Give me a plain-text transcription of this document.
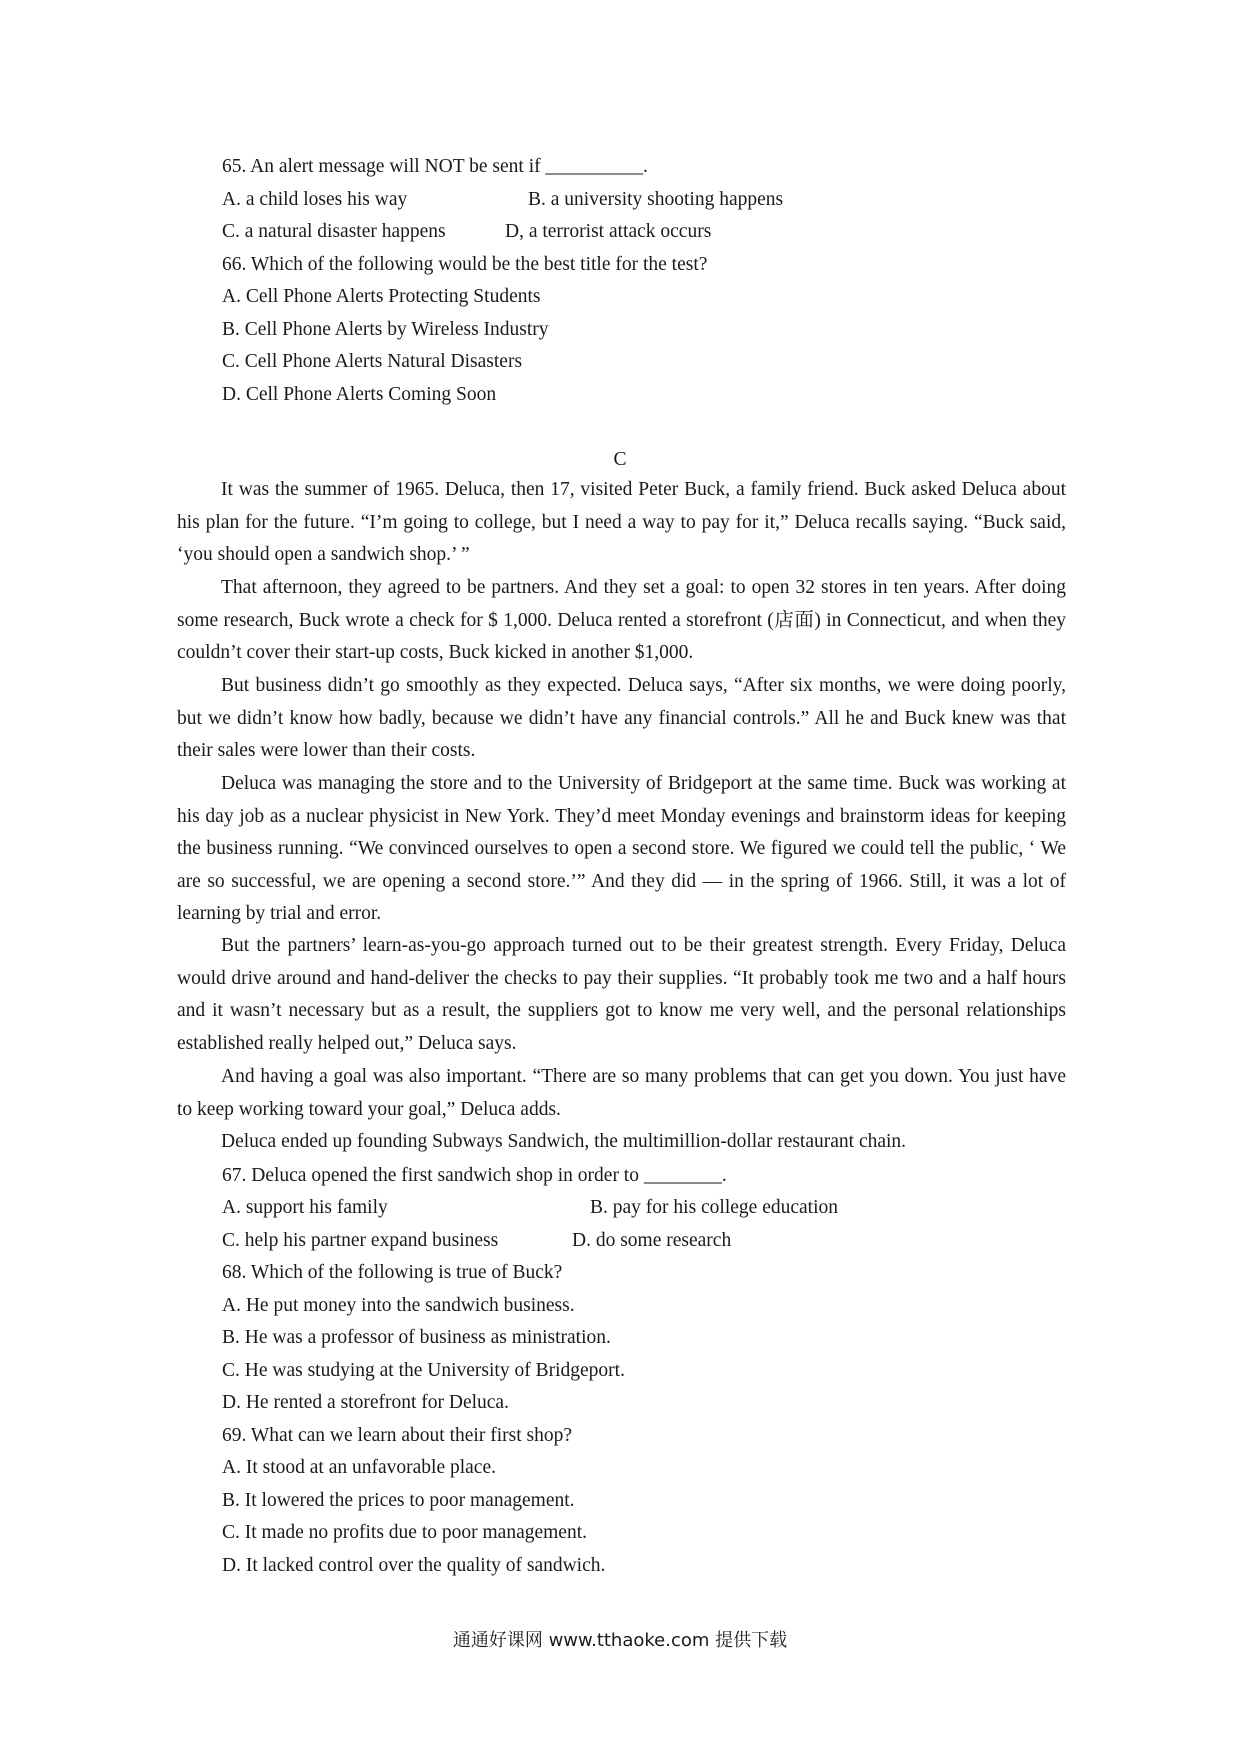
65. An alert message will NOT be sent if __________.
A. a child loses his way	B. a university shooting happens
C. a natural disaster happens	D, a terrorist attack occurs
66. Which of the following would be the best title for the test?
A. Cell Phone Alerts Protecting Students
B. Cell Phone Alerts by Wireless Industry
C. Cell Phone Alerts Natural Disasters
D. Cell Phone Alerts Coming Soon
C

It was the summer of 1965. Deluca, then 17, visited Peter Buck, a family friend. Buck asked Deluca about his plan for the future. “I’m going to college, but I need a way to pay for it,” Deluca recalls saying. “Buck said, ‘you should open a sandwich shop.’ ”

That afternoon, they agreed to be partners. And they set a goal: to open 32 stores in ten years. After doing some research, Buck wrote a check for $ 1,000. Deluca rented a storefront (店面) in Connecticut, and when they couldn’t cover their start-up costs, Buck kicked in another $1,000.

But business didn’t go smoothly as they expected. Deluca says, “After six months, we were doing poorly, but we didn’t know how badly, because we didn’t have any financial controls.” All he and Buck knew was that their sales were lower than their costs.

Deluca was managing the store and to the University of Bridgeport at the same time. Buck was working at his day job as a nuclear physicist in New York. They’d meet Monday evenings and brainstorm ideas for keeping the business running. “We convinced ourselves to open a second store. We figured we could tell the public, ‘ We are so successful, we are opening a second store.’” And they did — in the spring of 1966. Still, it was a lot of learning by trial and error.

But the partners’ learn-as-you-go approach turned out to be their greatest strength. Every Friday, Deluca would drive around and hand-deliver the checks to pay their supplies. “It probably took me two and a half hours and it wasn’t necessary but as a result, the suppliers got to know me very well, and the personal relationships established really helped out,” Deluca says.

And having a goal was also important. “There are so many problems that can get you down. You just have to keep working toward your goal,” Deluca adds.

Deluca ended up founding Subways Sandwich, the multimillion-dollar restaurant chain.

67. Deluca opened the first sandwich shop in order to ________.
A. support his family	B. pay for his college education
C. help his partner expand business	D. do some research
68. Which of the following is true of Buck?
A. He put money into the sandwich business.
B. He was a professor of business as ministration.
C. He was studying at the University of Bridgeport.
D. He rented a storefront for Deluca.
69. What can we learn about their first shop?
A. It stood at an unfavorable place.
B. It lowered the prices to poor management.
C. It made no profits due to poor management.
D. It lacked control over the quality of sandwich.
通通好课网 www.tthaoke.com 提供下载
